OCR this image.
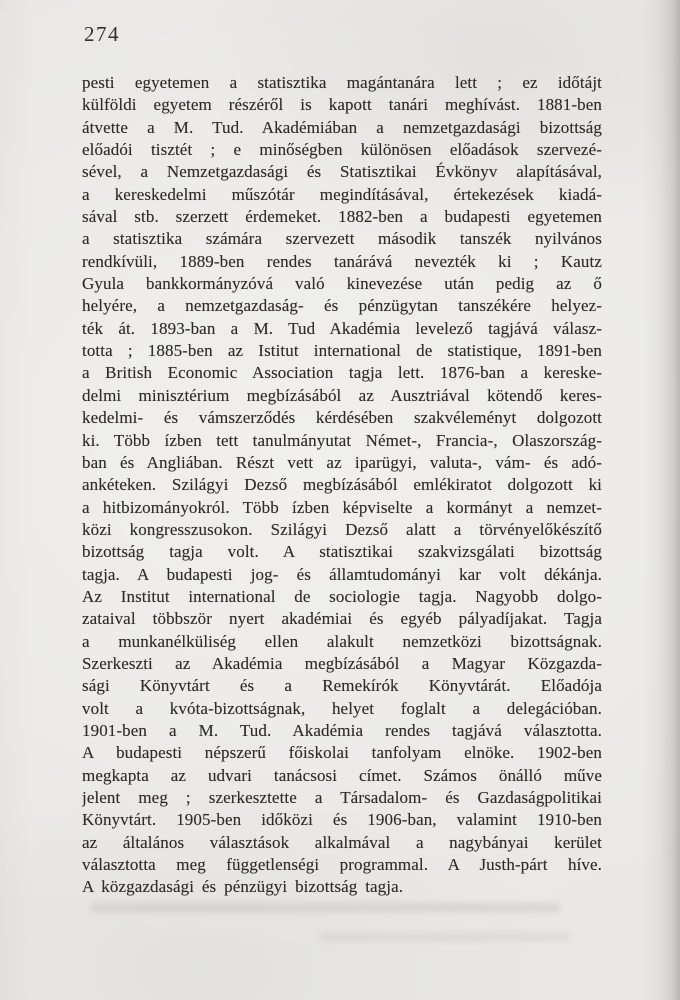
274
pesti egyetemen a statisztika magántanára lett ; ez időtájt
külföldi egyetem részéről is kapott tanári meghívást. 1881-ben
átvette a M. Tud. Akadémiában a nemzetgazdasági bizottság
előadói tisztét ; e minőségben különösen előadások szervezé-
sével, a Nemzetgazdasági és Statisztikai Évkönyv alapításával,
a kereskedelmi műszótár megindításával, értekezések kiadá-
sával stb. szerzett érdemeket. 1882-ben a budapesti egyetemen
a statisztika számára szervezett második tanszék nyilvános
rendkívüli, 1889-ben rendes tanárává nevezték ki ; Kautz
Gyula bankkormányzóvá való kinevezése után pedig az ő
helyére, a nemzetgazdaság- és pénzügytan tanszékére helyez-
ték át. 1893-ban a M. Tud Akadémia levelező tagjává válasz-
totta ; 1885-ben az Istitut international de statistique, 1891-ben
a British Economic Association tagja lett. 1876-ban a kereske-
delmi minisztérium megbízásából az Ausztriával kötendő keres-
kedelmi- és vámszerződés kérdésében szakvéleményt dolgozott
ki. Több ízben tett tanulmányutat Német-, Francia-, Olaszország-
ban és Angliában. Részt vett az iparügyi, valuta-, vám- és adó-
ankéteken. Szilágyi Dezső megbízásából emlékiratot dolgozott ki
a hitbizományokról. Több ízben képviselte a kormányt a nemzet-
közi kongresszusokon. Szilágyi Dezső alatt a törvényelőkészítő
bizottság tagja volt. A statisztikai szakvizsgálati bizottság
tagja. A budapesti jog- és államtudományi kar volt dékánja.
Az Institut international de sociologie tagja. Nagyobb dolgo-
zataival többször nyert akadémiai és egyéb pályadíjakat. Tagja
a munkanélküliség ellen alakult nemzetközi bizottságnak.
Szerkeszti az Akadémia megbízásából a Magyar Közgazda-
sági Könyvtárt és a Remekírók Könyvtárát. Előadója
volt a kvóta-bizottságnak, helyet foglalt a delegációban.
1901-ben a M. Tud. Akadémia rendes tagjává választotta.
A budapesti népszerű főiskolai tanfolyam elnöke. 1902-ben
megkapta az udvari tanácsosi címet. Számos önálló műve
jelent meg ; szerkesztette a Társadalom- és Gazdaságpolitikai
Könyvtárt. 1905-ben időközi és 1906-ban, valamint 1910-ben
az általános választások alkalmával a nagybányai kerület
választotta meg függetlenségi programmal. A Justh-párt híve.
A közgazdasági és pénzügyi bizottság tagja.
